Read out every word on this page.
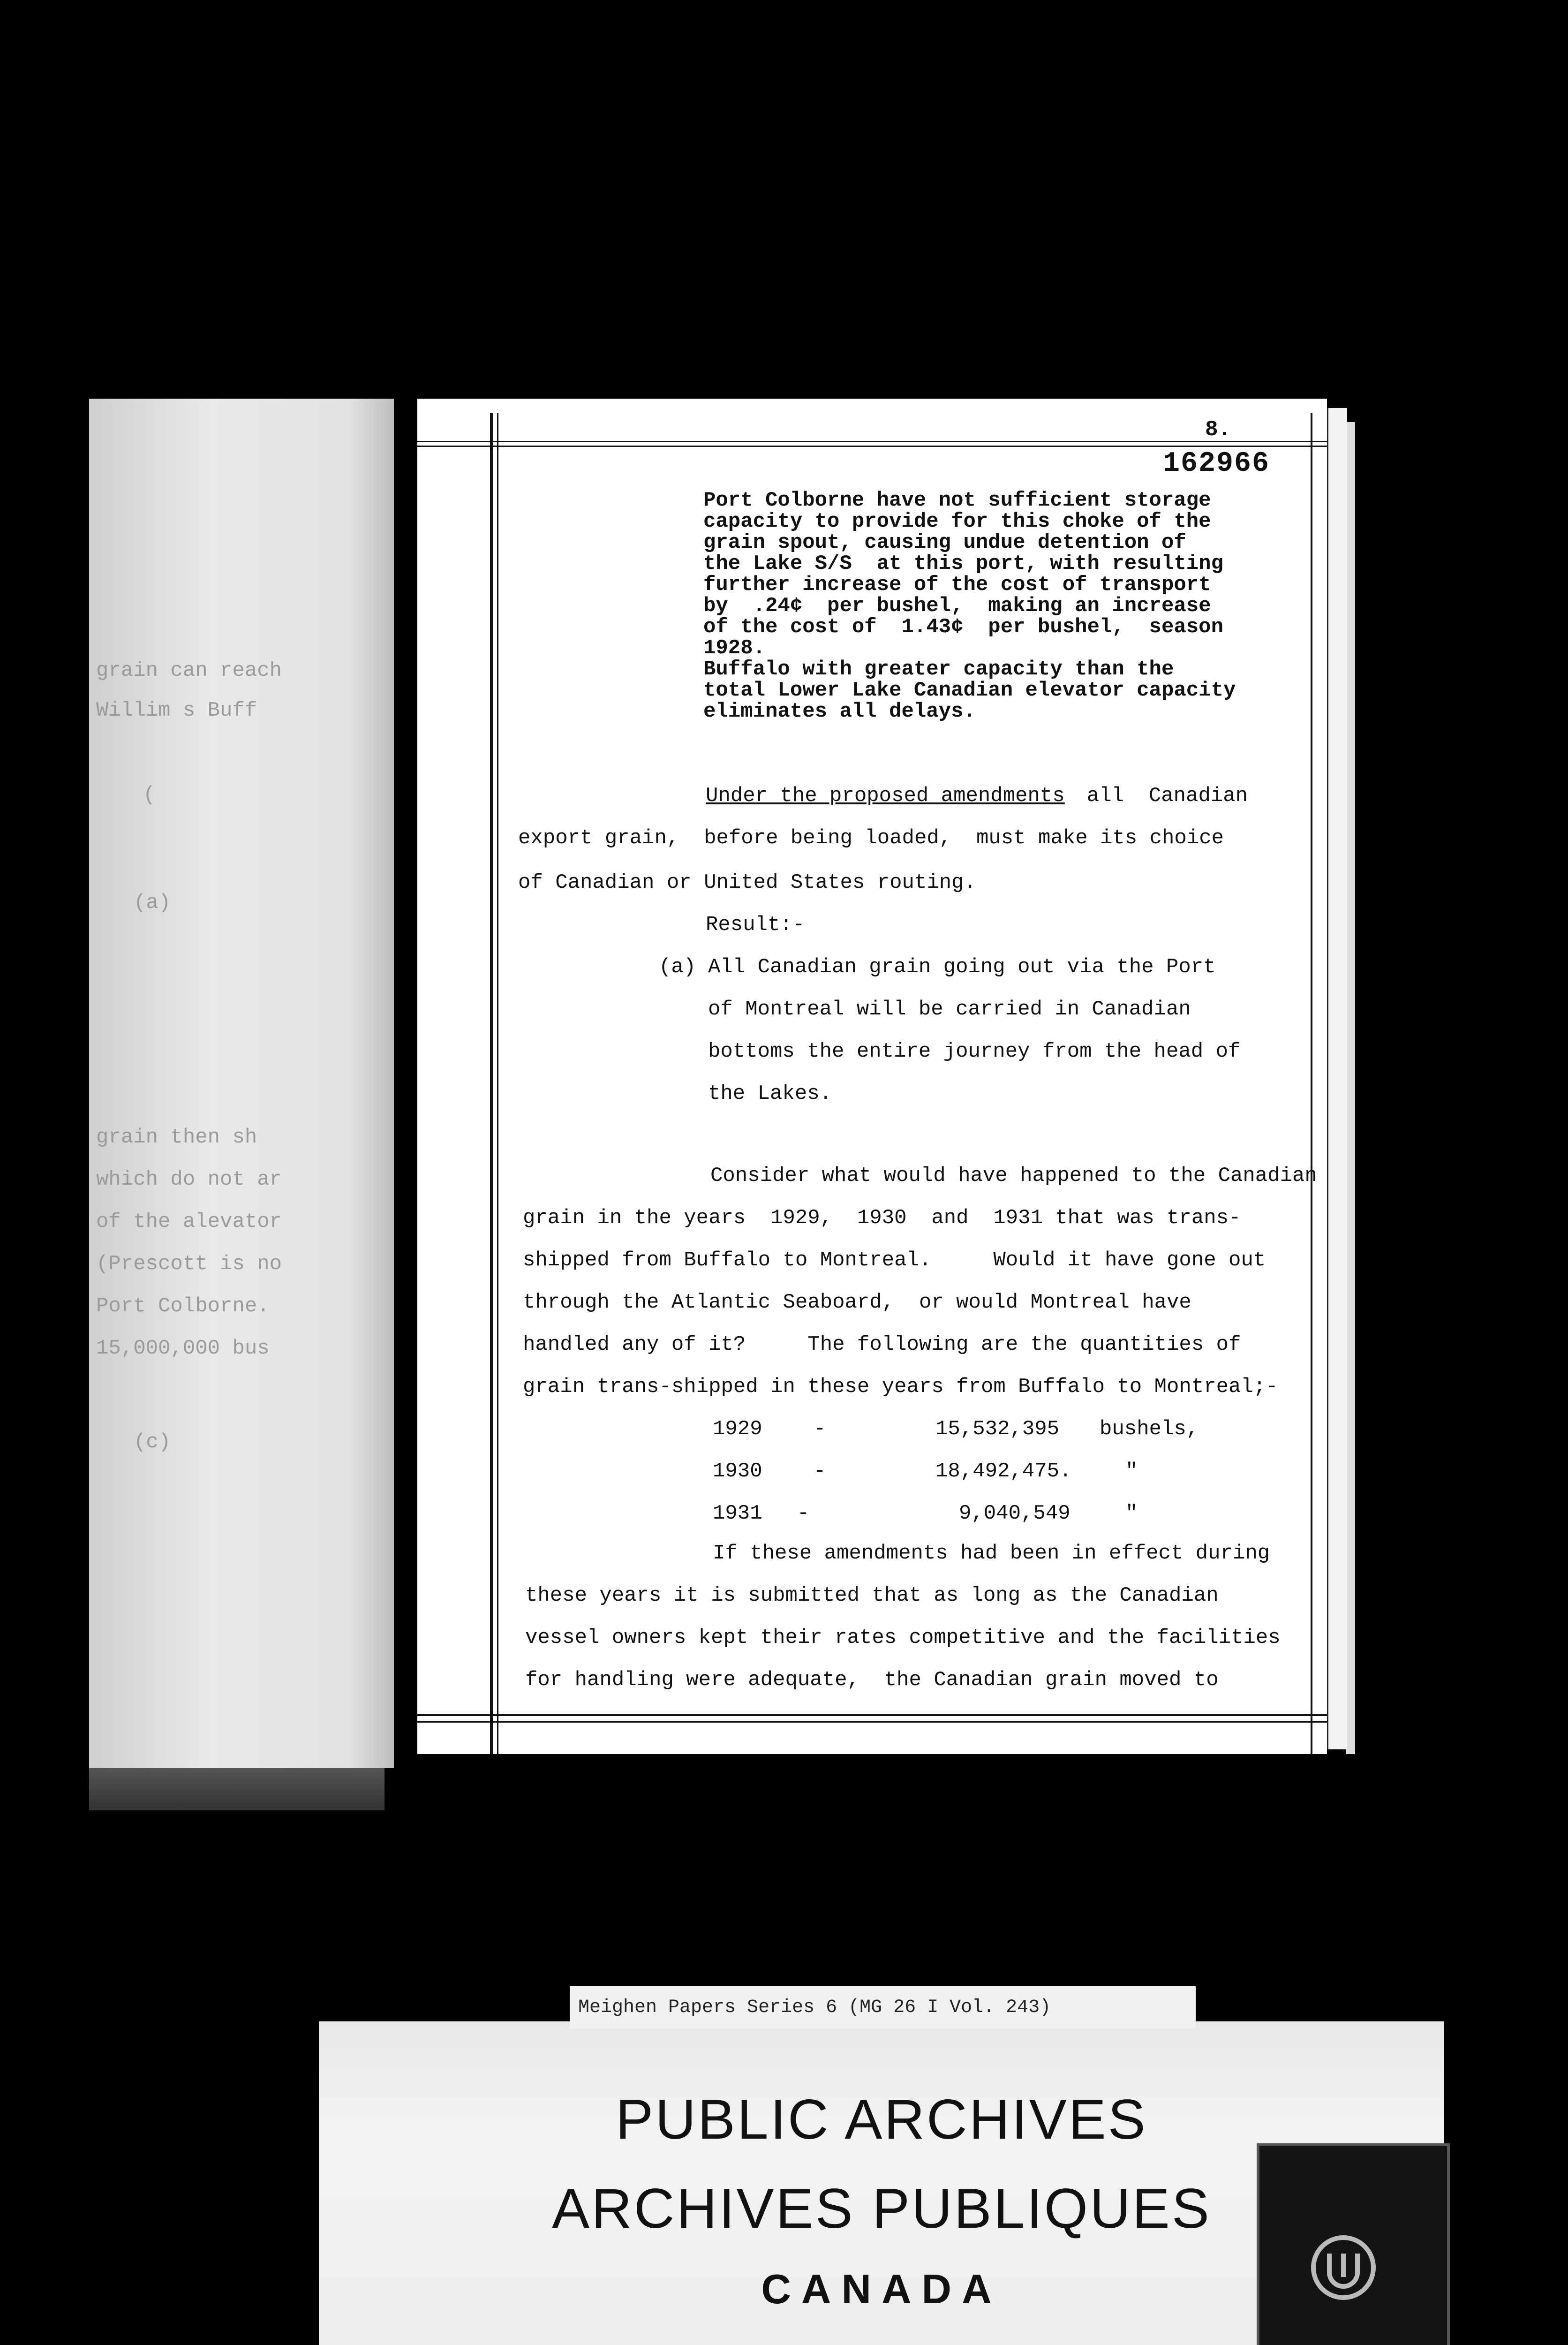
grain can reach
Willim s Buff
(
(a)
grain then sh
which do not ar
of the alevator
(Prescott is no
Port Colborne.
15,000,000 bus
(c)
8.
162966
Port Colborne have not sufficient storage
capacity to provide for this choke of the
grain spout, causing undue detention of
the Lake S/S  at this port, with resulting
further increase of the cost of transport
by  .24¢  per bushel,  making an increase
of the cost of  1.43¢  per bushel,  season
1928.
Buffalo with greater capacity than the
total Lower Lake Canadian elevator capacity
eliminates all delays.
Under the proposed amendments
all  Canadian
export grain,  before being loaded,  must make its choice
of Canadian or United States routing.
Result:-
(a) All Canadian grain going out via the Port
of Montreal will be carried in Canadian
bottoms the entire journey from the head of
the Lakes.
Consider what would have happened to the Canadian
grain in the years  1929,  1930  and  1931 that was trans-
shipped from Buffalo to Montreal.     Would it have gone out
through the Atlantic Seaboard,  or would Montreal have
handled any of it?     The following are the quantities of
grain trans-shipped in these years from Buffalo to Montreal;-
1929 -	15,532,395 bushels,
1930 -	18,492,475.	"
1931 -	9,040,549	"
If these amendments had been in effect during
these years it is submitted that as long as the Canadian
vessel owners kept their rates competitive and the facilities
for handling were adequate,  the Canadian grain moved to
Meighen Papers Series 6 (MG 26 I Vol. 243)
PUBLIC ARCHIVES
ARCHIVES PUBLIQUES
CANADA
